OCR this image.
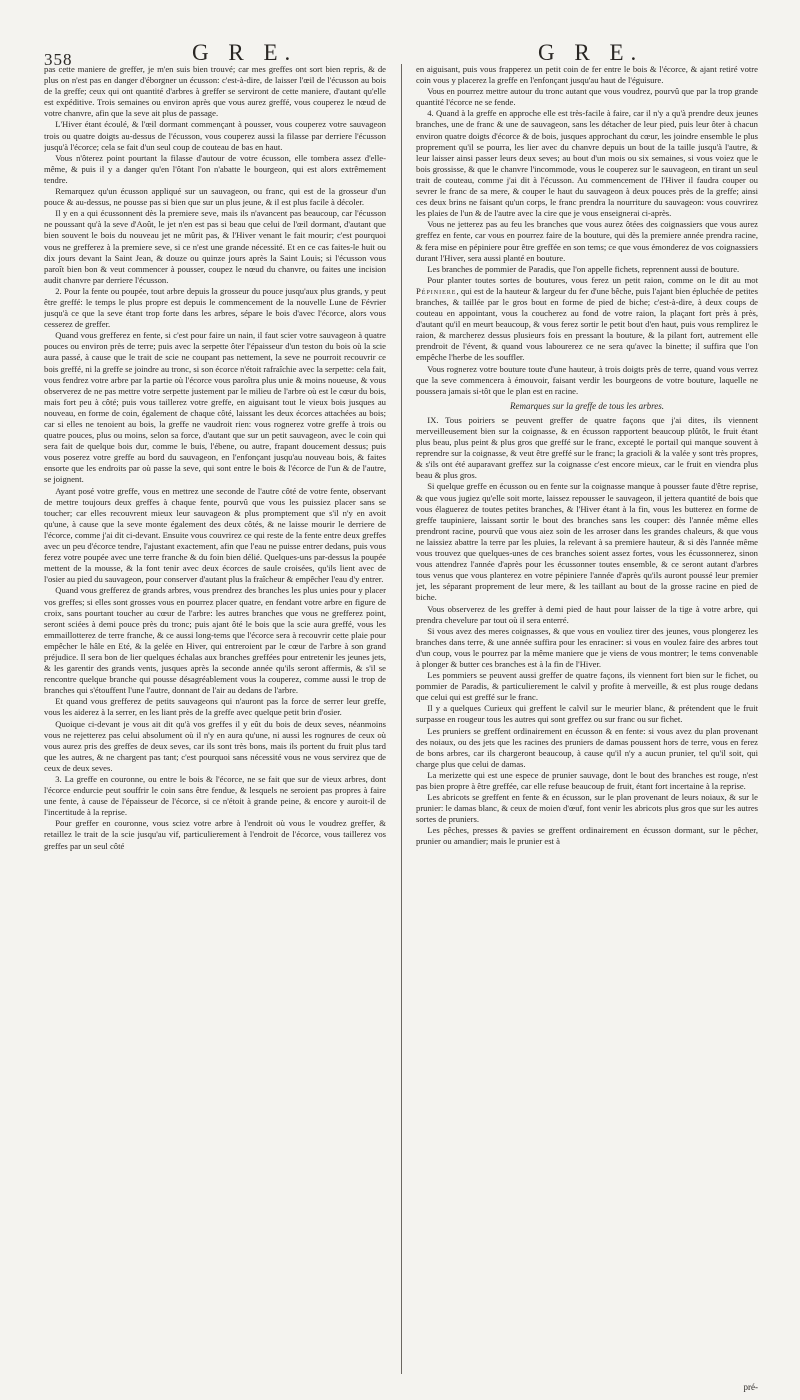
358	G R E.	G R E.

pas cette maniere de greffer, je m'en suis bien trouvé; car mes greffes ont sort bien repris, & de plus on n'est pas en danger d'éborgner un écusson: c'est-à-dire, de laisser l'œil de l'écusson au bois de la greffe; ceux qui ont quantité d'arbres à greffer se serviront de cette maniere, d'autant qu'elle est expéditive. Trois semaines ou environ après que vous aurez greffé, vous couperez le nœud de votre chanvre, afin que la seve ait plus de passage.

L'Hiver étant écoulé, & l'œil dormant commençant à pousser, vous couperez votre sauvageon trois ou quatre doigts au-dessus de l'écusson, vous couperez aussi la filasse par derriere l'écusson jusqu'à l'écorce; cela se fait d'un seul coup de couteau de bas en haut.

Vous n'ôterez point pourtant la filasse d'autour de votre écusson, elle tombera assez d'elle-même, & puis il y a danger qu'en l'ôtant l'on n'abatte le bourgeon, qui est alors extrêmement tendre.

Remarquez qu'un écusson appliqué sur un sauvageon, ou franc, qui est de la grosseur d'un pouce & au-dessus, ne pousse pas si bien que sur un plus jeune, & il est plus facile à décoler.

Il y en a qui écussonnent dès la premiere seve, mais ils n'avancent pas beaucoup, car l'écusson ne poussant qu'à la seve d'Août, le jet n'en est pas si beau que celui de l'œil dormant, d'autant que bien souvent le bois du nouveau jet ne mûrit pas, & l'Hiver venant le fait mourir; c'est pourquoi vous ne grefferez à la premiere seve, si ce n'est une grande nécessité. Et en ce cas faites-le huit ou dix jours devant la Saint Jean, & douze ou quinze jours après la Saint Louis; si l'écusson vous paroît bien bon & veut commencer à pousser, coupez le nœud du chanvre, ou faites une incision audit chanvre par derriere l'écusson.

2. Pour la fente ou poupée, tout arbre depuis la grosseur du pouce jusqu'aux plus grands, y peut être greffé: le temps le plus propre est depuis le commencement de la nouvelle Lune de Février jusqu'à ce que la seve étant trop forte dans les arbres, sépare le bois d'avec l'écorce, alors vous cesserez de greffer.

Quand vous grefferez en fente, si c'est pour faire un nain, il faut scier votre sauvageon à quatre pouces ou environ près de terre; puis avec la serpette ôter l'épaisseur d'un teston du bois où la scie aura passé, à cause que le trait de scie ne coupant pas nettement, la seve ne pourroit recouvrir ce bois greffé, ni la greffe se joindre au tronc, si son écorce n'étoit rafraîchie avec la serpette: cela fait, vous fendrez votre arbre par la partie où l'écorce vous paroîtra plus unie & moins noueuse, & vous observerez de ne pas mettre votre serpette justement par le milieu de l'arbre où est le cœur du bois, mais fort peu à côté; puis vous taillerez votre greffe, en aiguisant tout le vieux bois jusques au nouveau, en forme de coin, également de chaque côté, laissant les deux écorces attachées au bois; car si elles ne tenoient au bois, la greffe ne vaudroit rien: vous rognerez votre greffe à trois ou quatre pouces, plus ou moins, selon sa force, d'autant que sur un petit sauvageon, avec le coin qui sera fait de quelque bois dur, comme le buis, l'ébene, ou autre, frapant doucement dessus; puis vous poserez votre greffe au bord du sauvageon, en l'enfonçant jusqu'au nouveau bois, & faites ensorte que les endroits par où passe la seve, qui sont entre le bois & l'écorce de l'un & de l'autre, se joignent.

Ayant posé votre greffe, vous en mettrez une seconde de l'autre côté de votre fente, observant de mettre toujours deux greffes à chaque fente, pourvû que vous les puissiez placer sans se toucher; car elles recouvrent mieux leur sauvageon & plus promptement que s'il n'y en avoit qu'une, à cause que la seve monte également des deux côtés, & ne laisse mourir le derriere de l'écorce, comme j'ai dit ci-devant. Ensuite vous couvrirez ce qui reste de la fente entre deux greffes avec un peu d'écorce tendre, l'ajustant exactement, afin que l'eau ne puisse entrer dedans, puis vous ferez votre poupée avec une terre franche & du foin bien délié. Quelques-uns par-dessus la poupée mettent de la mousse, & la font tenir avec deux écorces de saule croisées, qu'ils lient avec de l'osier au pied du sauvageon, pour conserver d'autant plus la fraîcheur & empêcher l'eau d'y entrer.

Quand vous grefferez de grands arbres, vous prendrez des branches les plus unies pour y placer vos greffes; si elles sont grosses vous en pourrez placer quatre, en fendant votre arbre en figure de croix, sans pourtant toucher au cœur de l'arbre: les autres branches que vous ne grefferez point, seront sciées à demi pouce près du tronc; puis ajant ôté le bois que la scie aura greffé, vous les emmaillotterez de terre franche, & ce aussi long-tems que l'écorce sera à recouvrir cette plaie pour empêcher le hâle en Eté, & la gelée en Hiver, qui entreroient par le cœur de l'arbre à son grand préjudice. Il sera bon de lier quelques échalas aux branches greffées pour entretenir les jeunes jets, & les garentir des grands vents, jusques après la seconde année qu'ils seront affermis, & s'il se rencontre quelque branche qui pousse désagréablement vous la couperez, comme aussi le trop de branches qui s'étouffent l'une l'autre, donnant de l'air au dedans de l'arbre.

Et quand vous grefferez de petits sauvageons qui n'auront pas la force de serrer leur greffe, vous les aiderez à la serrer, en les liant près de la greffe avec quelque petit brin d'osier.

Quoique ci-devant je vous ait dit qu'à vos greffes il y eût du bois de deux seves, néanmoins vous ne rejetterez pas celui absolument où il n'y en aura qu'une, ni aussi les rognures de ceux où vous aurez pris des greffes de deux seves, car ils sont très bons, mais ils portent du fruit plus tard que les autres, & ne chargent pas tant; c'est pourquoi sans nécessité vous ne vous servirez que de ceux de deux seves.

3. La greffe en couronne, ou entre le bois & l'écorce, ne se fait que sur de vieux arbres, dont l'écorce endurcie peut souffrir le coin sans être fendue, & lesquels ne seroient pas propres à faire une fente, à cause de l'épaisseur de l'écorce, si ce n'étoit à grande peine, & encore y auroit-il de l'incertitude à la reprise.

Pour greffer en couronne, vous sciez votre arbre à l'endroit où vous le voudrez greffer, & retaillez le trait de la scie jusqu'au vif, particulierement à l'endroit de l'écorce, vous taillerez vos greffes par un seul côté

en aiguisant, puis vous frapperez un petit coin de fer entre le bois & l'écorce, & ajant retiré votre coin vous y placerez la greffe en l'enfonçant jusqu'au haut de l'éguisure.

Vous en pourrez mettre autour du tronc autant que vous voudrez, pourvû que par la trop grande quantité l'écorce ne se fende.

4. Quand à la greffe en approche elle est très-facile à faire, car il n'y a qu'à prendre deux jeunes branches, une de franc & une de sauvageon, sans les détacher de leur pied, puis leur ôter à chacun environ quatre doigts d'écorce & de bois, jusques approchant du cœur, les joindre ensemble le plus proprement qu'il se pourra, les lier avec du chanvre depuis un bout de la taille jusqu'à l'autre, & leur laisser ainsi passer leurs deux seves; au bout d'un mois ou six semaines, si vous voiez que le bois grossisse, & que le chanvre l'incommode, vous le couperez sur le sauvageon, en tirant un seul trait de couteau, comme j'ai dit à l'écusson. Au commencement de l'Hiver il faudra couper ou sevrer le franc de sa mere, & couper le haut du sauvageon à deux pouces près de la greffe; ainsi ces deux brins ne faisant qu'un corps, le franc prendra la nourriture du sauvageon: vous couvrirez les plaies de l'un & de l'autre avec la cire que je vous enseignerai ci-après.

Vous ne jetterez pas au feu les branches que vous aurez ôtées des coignassiers que vous aurez greffez en fente, car vous en pourrez faire de la bouture, qui dès la premiere année prendra racine, & fera mise en pépiniere pour être greffée en son tems; ce que vous émonderez de vos coignassiers durant l'Hiver, sera aussi planté en bouture.

Les branches de pommier de Paradis, que l'on appelle fichets, reprennent aussi de bouture.

Pour planter toutes sortes de boutures, vous ferez un petit raion, comme on le dit au mot Pépiniere, qui est de la hauteur & largeur du fer d'une bêche, puis l'ajant bien épluchée de petites branches, & taillée par le gros bout en forme de pied de biche; c'est-à-dire, à deux coups de couteau en appointant, vous la coucherez au fond de votre raion, la plaçant fort près à près, d'autant qu'il en meurt beaucoup, & vous ferez sortir le petit bout d'en haut, puis vous remplirez le raion, & marcherez dessus plusieurs fois en pressant la bouture, & la pilant fort, autrement elle prendroit de l'évent, & quand vous labourerez ce ne sera qu'avec la binette; il suffira que l'on empêche l'herbe de les souffler.

Vous rognerez votre bouture toute d'une hauteur, à trois doigts près de terre, quand vous verrez que la seve commencera à émouvoir, faisant verdir les bourgeons de votre bouture, laquelle ne poussera jamais si-tôt que le plan est en racine.

Remarques sur la greffe de tous les arbres.

IX. Tous poiriers se peuvent greffer de quatre façons que j'ai dites, ils viennent merveilleusement bien sur la coignasse, & en écusson rapportent beaucoup plûtôt, le fruit étant plus beau, plus peint & plus gros que greffé sur le franc, excepté le portail qui manque souvent à reprendre sur la coignasse, & veut être greffé sur le franc; la gracioli & la valée y sont très propres, & s'ils ont été auparavant greffez sur la coignasse c'est encore mieux, car le fruit en viendra plus beau & plus gros.

Si quelque greffe en écusson ou en fente sur la coignasse manque à pousser faute d'être reprise, & que vous jugiez qu'elle soit morte, laissez repousser le sauvageon, il jettera quantité de bois que vous élaguerez de toutes petites branches, & l'Hiver étant à la fin, vous les butterez en forme de greffe taupiniere, laissant sortir le bout des branches sans les couper: dès l'année même elles prendront racine, pourvû que vous aiez soin de les arroser dans les grandes chaleurs, & que vous ne laissiez abattre la terre par les pluies, la relevant à sa premiere hauteur, & si dès l'année même vous trouvez que quelques-unes de ces branches soient assez fortes, vous les écussonnerez, sinon vous attendrez l'année d'après pour les écussonner toutes ensemble, & ce seront autant d'arbres tous venus que vous planterez en votre pépiniere l'année d'après qu'ils auront poussé leur premier jet, les séparant proprement de leur mere, & les taillant au bout de la grosse racine en pied de biche.

Vous observerez de les greffer à demi pied de haut pour laisser de la tige à votre arbre, qui prendra chevelure par tout où il sera enterré.

Si vous avez des meres coignasses, & que vous en vouliez tirer des jeunes, vous plongerez les branches dans terre, & une année suffira pour les enraciner: si vous en voulez faire des arbres tout d'un coup, vous le pourrez par la même maniere que je viens de vous montrer; le tems convenable à plonger & butter ces branches est à la fin de l'Hiver.

Les pommiers se peuvent aussi greffer de quatre façons, ils viennent fort bien sur le fichet, ou pommier de Paradis, & particulierement le calvil y profite à merveille, & est plus rouge dedans que celui qui est greffé sur le franc.

Il y a quelques Curieux qui greffent le calvil sur le meurier blanc, & prétendent que le fruit surpasse en rougeur tous les autres qui sont greffez ou sur franc ou sur fichet.

Les pruniers se greffent ordinairement en écusson & en fente: si vous avez du plan provenant des noiaux, ou des jets que les racines des pruniers de damas poussent hors de terre, vous en ferez de bons arbres, car ils chargeront beaucoup, à cause qu'il n'y a aucun prunier, tel qu'il soit, qui charge plus que celui de damas.

La merizette qui est une espece de prunier sauvage, dont le bout des branches est rouge, n'est pas bien propre à être greffée, car elle refuse beaucoup de fruit, étant fort incertaine à la reprise.

Les abricots se greffent en fente & en écusson, sur le plan provenant de leurs noiaux, & sur le prunier: le damas blanc, & ceux de moien d'œuf, font venir les abricots plus gros que sur les autres sortes de pruniers.

Les pêches, presses & pavies se greffent ordinairement en écusson dormant, sur le pêcher, prunier ou amandier; mais le prunier est à

pré-
